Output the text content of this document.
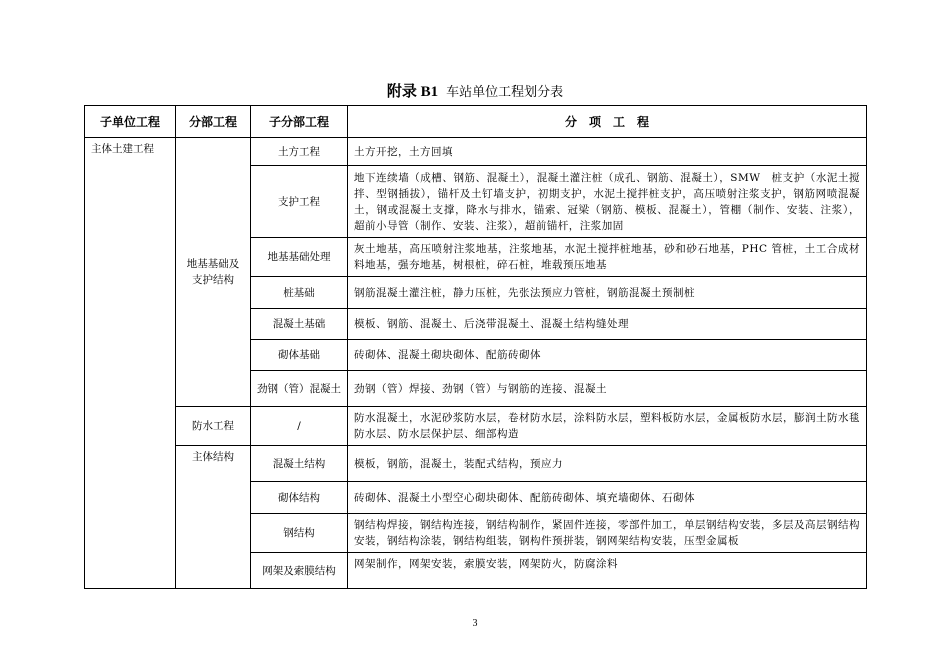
附录 B1 车站单位工程划分表
子单位工程	分部工程	子分部工程	分　项　工　程
主体土建工程	地基基础及支护结构	土方工程	土方开挖，土方回填
		支护工程	地下连续墙（成槽、钢筋、混凝土），混凝土灌注桩（成孔、钢筋、混凝土），SMW　桩支护（水泥土搅拌、型钢插拔），锚杆及土钉墙支护，初期支护，水泥土搅拌桩支护，高压喷射注浆支护，钢筋网喷混凝土，钢或混凝土支撑，降水与排水，锚索、冠梁（钢筋、模板、混凝土），管棚（制作、安装、注浆），超前小导管（制作、安装、注浆），超前锚杆，注浆加固
		地基基础处理	灰土地基，高压喷射注浆地基，注浆地基，水泥土搅拌桩地基，砂和砂石地基，PHC 管桩，土工合成材料地基，强夯地基，树根桩，碎石桩，堆载预压地基
		桩基础	钢筋混凝土灌注桩，静力压桩，先张法预应力管桩，钢筋混凝土预制桩
		混凝土基础	模板、钢筋、混凝土、后浇带混凝土、混凝土结构缝处理
		砌体基础	砖砌体、混凝土砌块砌体、配筋砖砌体
		劲钢（管）混凝土	劲钢（管）焊接、劲钢（管）与钢筋的连接、混凝土
	防水工程	/	防水混凝土，水泥砂浆防水层，卷材防水层，涂料防水层，塑料板防水层，金属板防水层，膨润土防水毯防水层、防水层保护层、细部构造
	主体结构	混凝土结构	模板，钢筋，混凝土，装配式结构，预应力
		砌体结构	砖砌体、混凝土小型空心砌块砌体、配筋砖砌体、填充墙砌体、石砌体
		钢结构	钢结构焊接，钢结构连接，钢结构制作，紧固件连接，零部件加工，单层钢结构安装，多层及高层钢结构安装，钢结构涂装，钢结构组装，钢构件预拼装，钢网架结构安装，压型金属板
		网架及索膜结构	网架制作，网架安装，索膜安装，网架防火，防腐涂料
3
